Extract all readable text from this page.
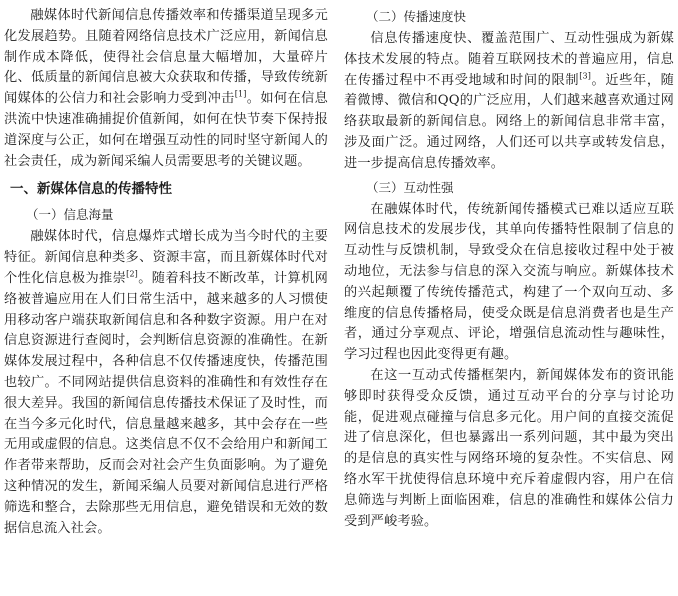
融媒体时代新闻信息传播效率和传播渠道呈现多元化发展趋势。且随着网络信息技术广泛应用，新闻信息制作成本降低，使得社会信息量大幅增加，大量碎片化、低质量的新闻信息被大众获取和传播，导致传统新闻媒体的公信力和社会影响力受到冲击[1]。如何在信息洪流中快速准确捕捉价值新闻，如何在快节奏下保持报道深度与公正，如何在增强互动性的同时坚守新闻人的社会责任，成为新闻采编人员需要思考的关键议题。

一、新媒体信息的传播特性
（一）信息海量

融媒体时代，信息爆炸式增长成为当今时代的主要特征。新闻信息种类多、资源丰富，而且新媒体时代对个性化信息极为推崇[2]。随着科技不断改革，计算机网络被普遍应用在人们日常生活中，越来越多的人习惯使用移动客户端获取新闻信息和各种数字资源。用户在对信息资源进行查阅时，会判断信息资源的准确性。在新媒体发展过程中，各种信息不仅传播速度快，传播范围也较广。不同网站提供信息资料的准确性和有效性存在很大差异。我国的新闻信息传播技术保证了及时性，而在当今多元化时代，信息量越来越多，其中会存在一些无用或虚假的信息。这类信息不仅不会给用户和新闻工作者带来帮助，反而会对社会产生负面影响。为了避免这种情况的发生，新闻采编人员要对新闻信息进行严格筛选和整合，去除那些无用信息，避免错误和无效的数据信息流入社会。

（二）传播速度快

信息传播速度快、覆盖范围广、互动性强成为新媒体技术发展的特点。随着互联网技术的普遍应用，信息在传播过程中不再受地域和时间的限制[3]。近些年，随着微博、微信和QQ的广泛应用，人们越来越喜欢通过网络获取最新的新闻信息。网络上的新闻信息非常丰富，涉及面广泛。通过网络，人们还可以共享或转发信息，进一步提高信息传播效率。

（三）互动性强

在融媒体时代，传统新闻传播模式已难以适应互联网信息技术的发展步伐，其单向传播特性限制了信息的互动性与反馈机制，导致受众在信息接收过程中处于被动地位，无法参与信息的深入交流与响应。新媒体技术的兴起颠覆了传统传播范式，构建了一个双向互动、多维度的信息传播格局，使受众既是信息消费者也是生产者，通过分享观点、评论，增强信息流动性与趣味性，学习过程也因此变得更有趣。

在这一互动式传播框架内，新闻媒体发布的资讯能够即时获得受众反馈，通过互动平台的分享与讨论功能，促进观点碰撞与信息多元化。用户间的直接交流促进了信息深化，但也暴露出一系列问题，其中最为突出的是信息的真实性与网络环境的复杂性。不实信息、网络水军干扰使得信息环境中充斥着虚假内容，用户在信息筛选与判断上面临困难，信息的准确性和媒体公信力受到严峻考验。
